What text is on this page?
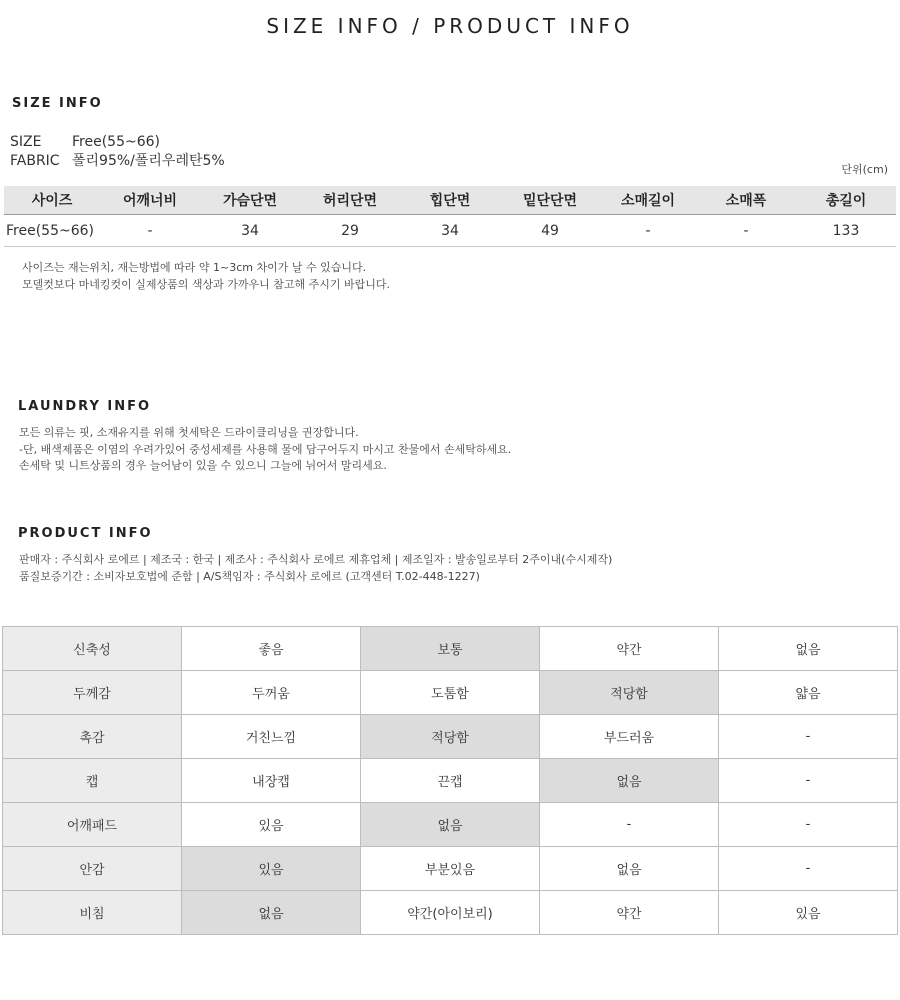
SIZE INFO / PRODUCT INFO
SIZE INFO
SIZE Free(55~66)
FABRIC 폴리95%/폴리우레탄5%
단위(cm)
사이즈	어깨너비	가슴단면	허리단면	힙단면	밑단단면	소매길이	소매폭	총길이
Free(55~66)	-	34	29	34	49	-	-	133
사이즈는 재는위치, 재는방법에 따라 약 1~3cm 차이가 날 수 있습니다.
모델컷보다 마네킹컷이 실제상품의 색상과 가까우니 참고해 주시기 바랍니다.
LAUNDRY INFO
모든 의류는 핏, 소재유지를 위해 첫세탁은 드라이클리닝을 권장합니다.
-단, 배색제품은 이염의 우려가있어 중성세제를 사용해 물에 담구어두지 마시고 찬물에서 손세탁하세요.
손세탁 및 니트상품의 경우 늘어남이 있을 수 있으니 그늘에 뉘어서 말리세요.
PRODUCT INFO
판매자 : 주식회사 로에르 | 제조국 : 한국 | 제조사 : 주식회사 로에르 제휴업체 | 제조일자 : 발송일로부터 2주이내(수시제작)
품질보증기간 : 소비자보호법에 준함 | A/S책임자 : 주식회사 로에르 (고객센터 T.02-448-1227)
신축성	좋음	보통	약간	없음
두께감	두꺼움	도톰함	적당함	얇음
촉감	거친느낌	적당함	부드러움	-
캡	내장캡	끈캡	없음	-
어깨패드	있음	없음	-	-
안감	있음	부분있음	없음	-
비침	없음	약간(아이보리)	약간	있음
